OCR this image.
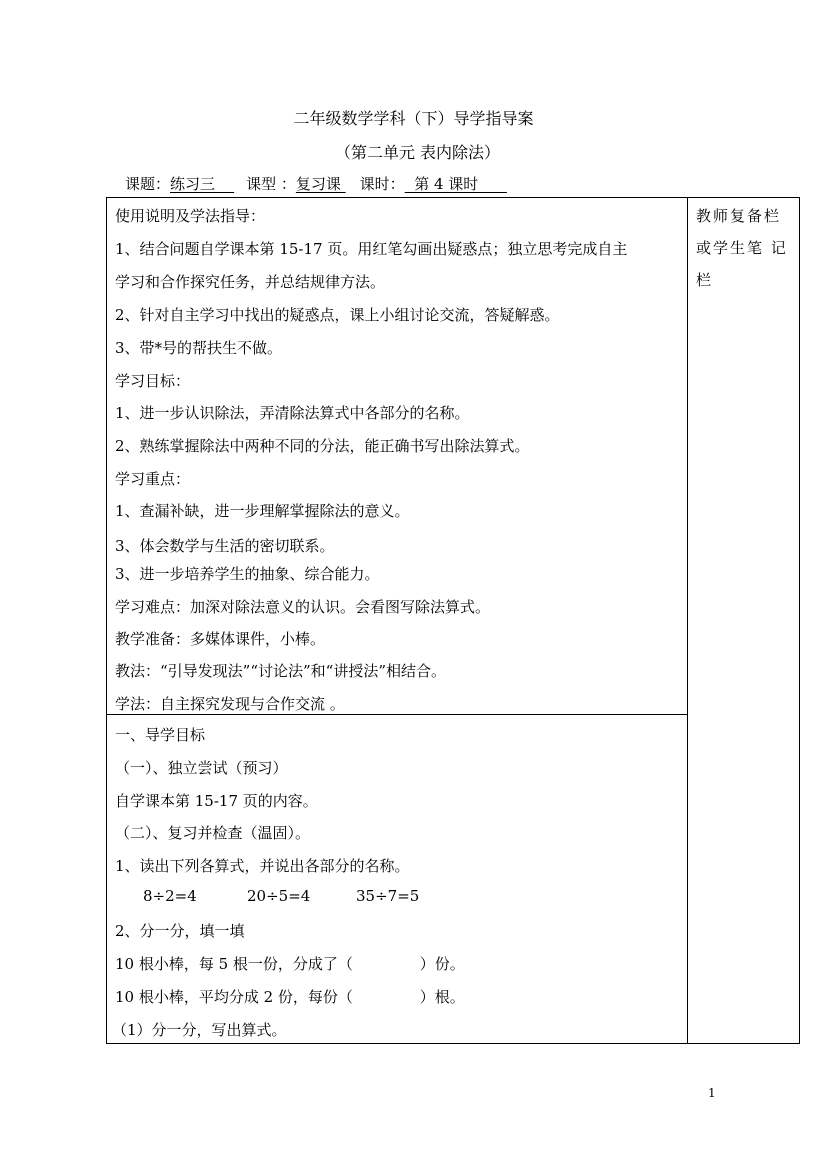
二年级数学学科（下）导学指导案
（第二单元 表内除法）
课题：练习三    课型 ：复习课 课时：  第 4 课时
教师复备栏或学生笔 记栏
使用说明及学法指导：
1、结合问题自学课本第 15-17 页。用红笔勾画出疑惑点；独立思考完成自主
学习和合作探究任务，并总结规律方法。
2、针对自主学习中找出的疑惑点，课上小组讨论交流，答疑解惑。
3、带*号的帮扶生不做。
学习目标：
1、进一步认识除法，弄清除法算式中各部分的名称。
2、熟练掌握除法中两种不同的分法，能正确书写出除法算式。
学习重点：
1、查漏补缺，进一步理解掌握除法的意义。
3、体会数学与生活的密切联系。
3、进一步培养学生的抽象、综合能力。
学习难点：加深对除法意义的认识。会看图写除法算式。
教学准备：多媒体课件，小棒。
教法：“引导发现法”“讨论法”和“讲授法”相结合。
学法：自主探究发现与合作交流 。
一、导学目标
（一）、独立尝试（预习）
自学课本第 15-17 页的内容。
（二）、复习并检查（温固）。
1、读出下列各算式，并说出各部分的名称。
8÷2=4	20÷5=4	35÷7=5
2、分一分，填一填
10 根小棒，每 5 根一份，分成了（              ）份。
10 根小棒，平均分成 2 份，每份（              ）根。
（1）分一分，写出算式。
1
